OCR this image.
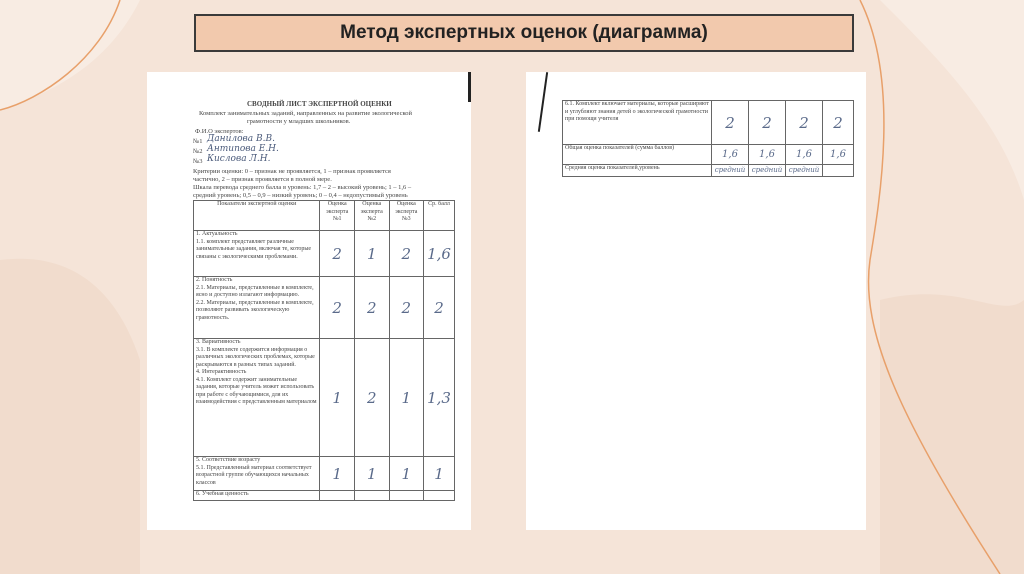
Метод экспертных оценок (диаграмма)
СВОДНЫЙ ЛИСТ ЭКСПЕРТНОЙ ОЦЕНКИ
Комплект занимательных заданий, направленных на развитие экологической
грамотности у младших школьников.
Ф.И.О экспертов:
№1 Данилова В.В.
№2 Антипова Е.Н.
№3 Кислова Л.Н.
Критерии оценки: 0 – признак не проявляется, 1 – признак проявляется
частично, 2 – признак проявляется в полной мере.
Шкала перевода среднего балла в уровень: 1,7 – 2 – высокий уровень; 1 – 1,6 –
средний уровень; 0,5 – 0,9 – низкий уровень; 0 – 0,4 – недопустимый уровень
Показатели экспертной оценки	Оценка эксперта №1	Оценка эксперта №2	Оценка эксперта №3	Ср. балл
1. Актуальность
1.1. комплект представляет различные занимательные задания, включая те, которые связаны с экологическими проблемами.	2	1	2	1,6
2. Понятность
2.1. Материалы, представленные в комплекте, ясно и доступно излагают информацию.
2.2. Материалы, представленные в комплекте, позволяют развивать экологическую грамотность.	2	2	2	2
3. Вариативность
3.1. В комплекте содержится информация о различных экологических проблемах, которые раскрываются в разных типах заданий.
4. Интерактивность
4.1. Комплект содержит занимательные задания, которые учитель может использовать при работе с обучающимися, для их взаимодействия с представленным материалом	1	2	1	1,3
5. Соответствие возрасту
5.1. Представленный материал соответствует возрастной группе обучающихся начальных классов	1	1	1	1
6. Учебная ценность				
6.1. Комплект включает материалы, которые расширяют и углубляют знания детей о экологической грамотности при помощи учителя	2	2	2	2
Общая оценка показателей (сумма баллов)	1,6	1,6	1,6	1,6
Средняя оценка показателей,уровень	средний	средний	средний	
